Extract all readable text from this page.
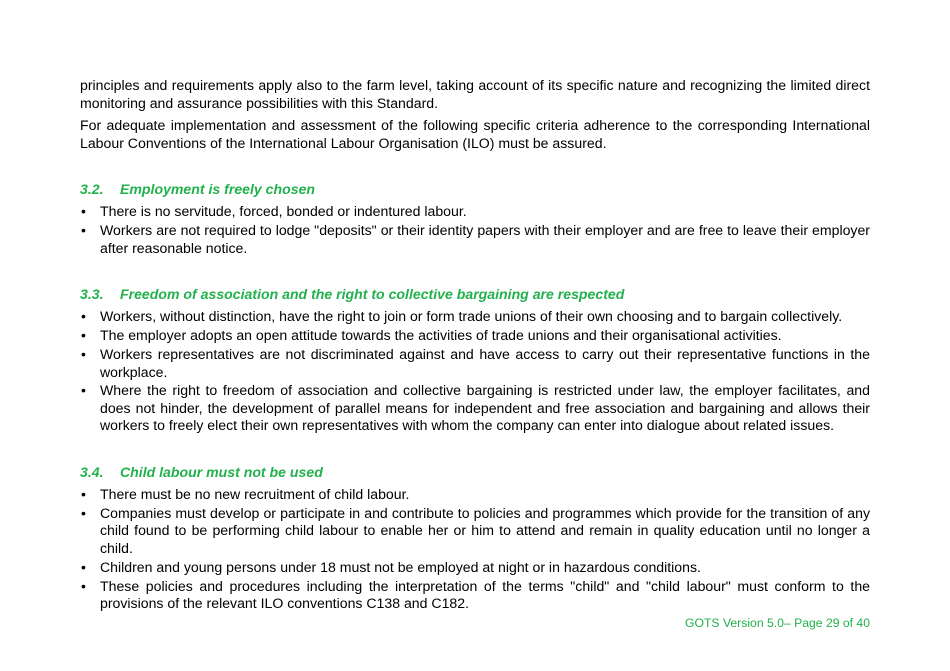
principles and requirements apply also to the farm level, taking account of its specific nature and recognizing the limited direct monitoring and assurance possibilities with this Standard.

For adequate implementation and assessment of the following specific criteria adherence to the corresponding International Labour Conventions of the International Labour Organisation (ILO) must be assured.

3.2.	Employment is freely chosen
• There is no servitude, forced, bonded or indentured labour.
• Workers are not required to lodge "deposits" or their identity papers with their employer and are free to leave their employer after reasonable notice.
3.3.	Freedom of association and the right to collective bargaining are respected
• Workers, without distinction, have the right to join or form trade unions of their own choosing and to bargain collectively.
• The employer adopts an open attitude towards the activities of trade unions and their organisational activities.
• Workers representatives are not discriminated against and have access to carry out their representative functions in the workplace.
• Where the right to freedom of association and collective bargaining is restricted under law, the employer facilitates, and does not hinder, the development of parallel means for independent and free association and bargaining and allows their workers to freely elect their own representatives with whom the company can enter into dialogue about related issues.
3.4.	Child labour must not be used
• There must be no new recruitment of child labour.
• Companies must develop or participate in and contribute to policies and programmes which provide for the transition of any child found to be performing child labour to enable her or him to attend and remain in quality education until no longer a child.
• Children and young persons under 18 must not be employed at night or in hazardous conditions.
• These policies and procedures including the interpretation of the terms "child" and "child labour" must conform to the provisions of the relevant ILO conventions C138 and C182.
GOTS Version 5.0– Page 29 of 40
